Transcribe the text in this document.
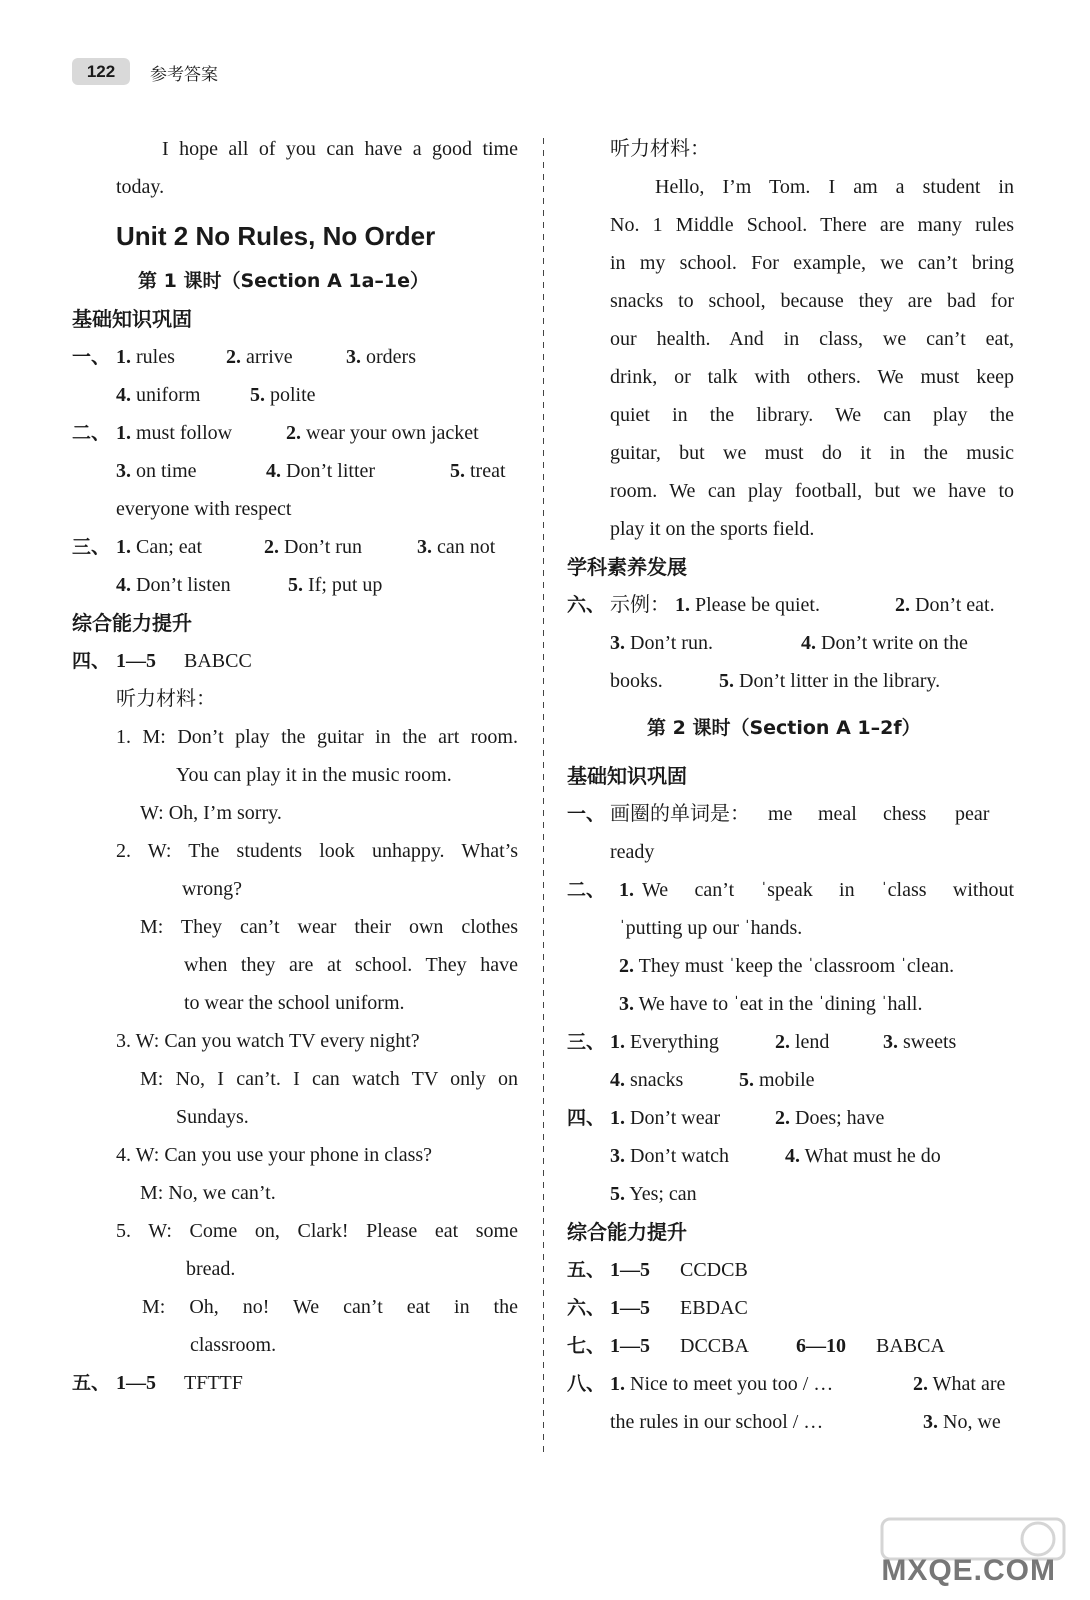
122	参考答案
I hope all of you can have a good time
today.
Unit 2 No Rules, No Order
第 1 课时（Section A 1a–1e）
基础知识巩固
一、 1. rules	2. arrive	3. orders
4. uniform 5. polite
二、 1. must follow	2. wear your own jacket
3. on time	4. Don’t litter	5. treat
everyone with respect
三、 1. Can; eat	2. Don’t run	3. can not
4. Don’t listen	5. If; put up
综合能力提升
四、 1—5 BABCC
听力材料：
1. M: Don’t play the guitar in the art room.
You can play it in the music room.
W: Oh, I’m sorry.
2. W: The students look unhappy. What’s
wrong?
M: They can’t wear their own clothes
when they are at school. They have
to wear the school uniform.
3. W: Can you watch TV every night?
M: No, I can’t. I can watch TV only on
Sundays.
4. W: Can you use your phone in class?
M: No, we can’t.
5. W: Come on, Clark! Please eat some
bread.
M: Oh, no! We can’t eat in the
classroom.
五、 1—5 TFTTF
听力材料：
Hello, I’m Tom. I am a student in
No. 1 Middle School. There are many rules
in my school. For example, we can’t bring
snacks to school, because they are bad for
our health. And in class, we can’t eat,
drink, or talk with others. We must keep
quiet in the library. We can play the
guitar, but we must do it in the music
room. We can play football, but we have to
play it on the sports field.
学科素养发展
六、 示例： 1. Please be quiet.	2. Don’t eat.
3. Don’t run.	4. Don’t write on the
books.	5. Don’t litter in the library.
第 2 课时（Section A 1–2f）
基础知识巩固
一、 画圈的单词是： me meal chess pear
ready
二、 1. We can’t ˈspeak in ˈclass without
ˈputting up our ˈhands.
2. They must ˈkeep the ˈclassroom ˈclean.
3. We have to ˈeat in the ˈdining ˈhall.
三、 1. Everything	2. lend	3. sweets
4. snacks	5. mobile
四、 1. Don’t wear	2. Does; have
3. Don’t watch	4. What must he do
5. Yes; can
综合能力提升
五、 1—5 CCDCB
六、 1—5 EBDAC
七、 1—5 DCCBA 6—10 BABCA
八、 1. Nice to meet you too / …	2. What are
the rules in our school / …	3. No, we
MXQE.COM
